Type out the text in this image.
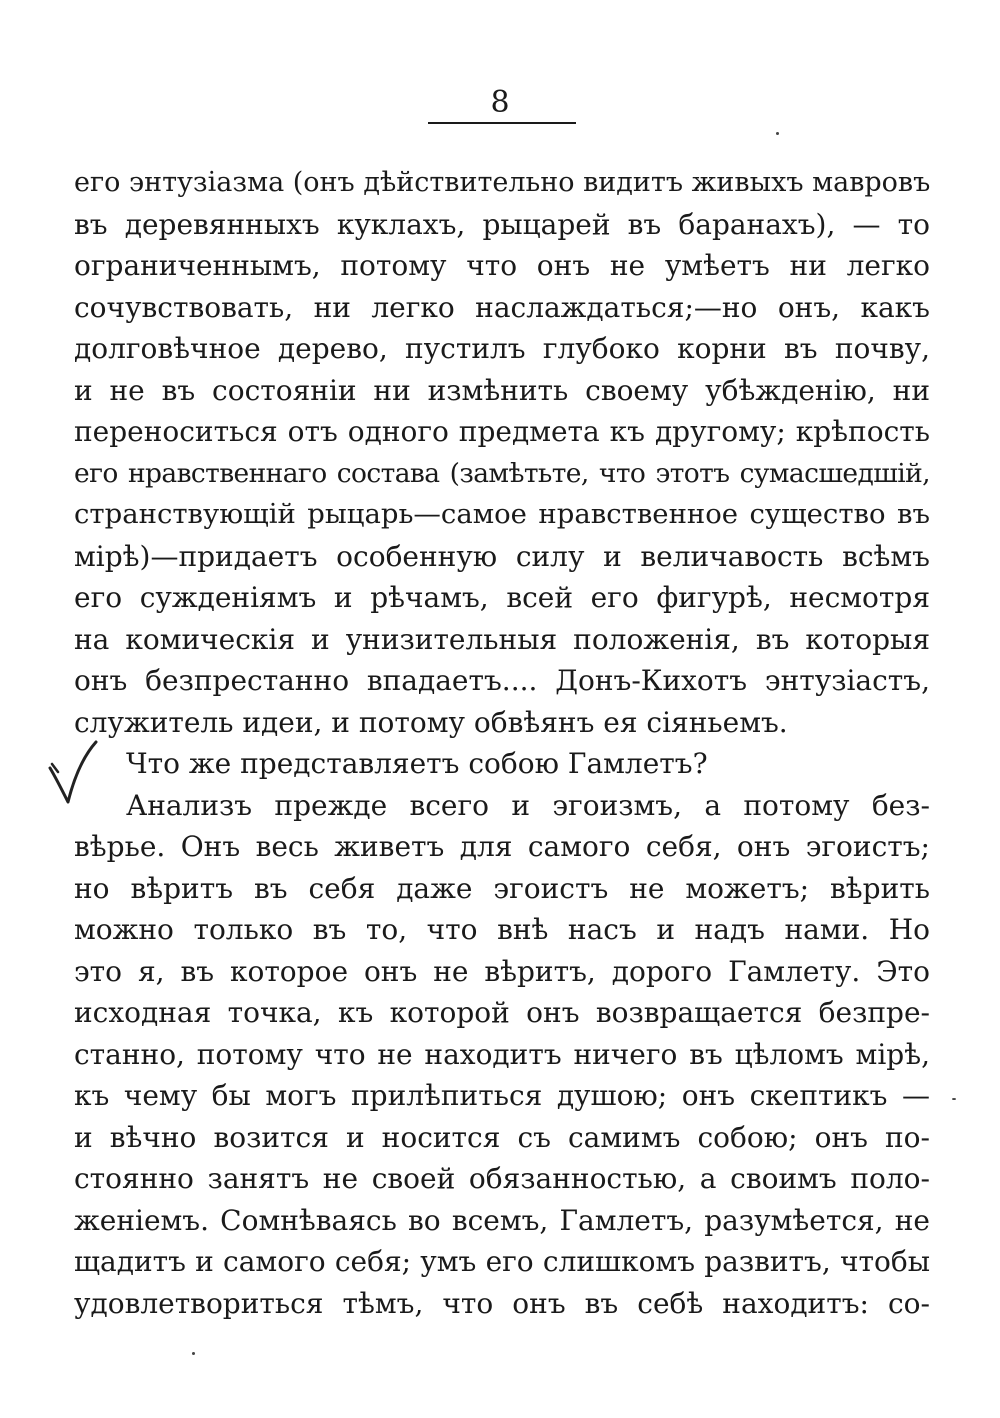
8
его энтузіазма (онъ дѣйствительно видитъ живыхъ мавровъ
въ деревянныхъ куклахъ, рыцарей въ баранахъ), — то
ограниченнымъ, потому что онъ не умѣетъ ни легко
сочувствовать, ни легко наслаждаться;—но онъ, какъ
долговѣчное дерево, пустилъ глубоко корни въ почву,
и не въ состояніи ни измѣнить своему убѣжденію, ни
переноситься отъ одного предмета къ другому; крѣпость
его нравственнаго состава (замѣтьте, что этотъ сумасшедшій,
странствующій рыцарь—самое нравственное существо въ
мірѣ)—придаетъ особенную силу и величавость всѣмъ
его сужденіямъ и рѣчамъ, всей его фигурѣ, несмотря
на комическія и унизительныя положенія, въ которыя
онъ безпрестанно впадаетъ.... Донъ-Кихотъ энтузіастъ,
служитель идеи, и потому обвѣянъ ея сіяньемъ.
Что же представляетъ собою Гамлетъ?
Анализъ прежде всего и эгоизмъ, а потому без-
вѣрье. Онъ весь живетъ для самого себя, онъ эгоистъ;
но вѣритъ въ себя даже эгоистъ не можетъ; вѣрить
можно только въ то, что внѣ насъ и надъ нами. Но
это я, въ которое онъ не вѣритъ, дорого Гамлету. Это
исходная точка, къ которой онъ возвращается безпре-
станно, потому что не находитъ ничего въ цѣломъ мірѣ,
къ чему бы могъ прилѣпиться душою; онъ скептикъ —
и вѣчно возится и носится съ самимъ собою; онъ по-
стоянно занятъ не своей обязанностью, а своимъ поло-
женіемъ. Сомнѣваясь во всемъ, Гамлетъ, разумѣется, не
щадитъ и самого себя; умъ его слишкомъ развитъ, чтобы
удовлетвориться тѣмъ, что онъ въ себѣ находитъ: со-
